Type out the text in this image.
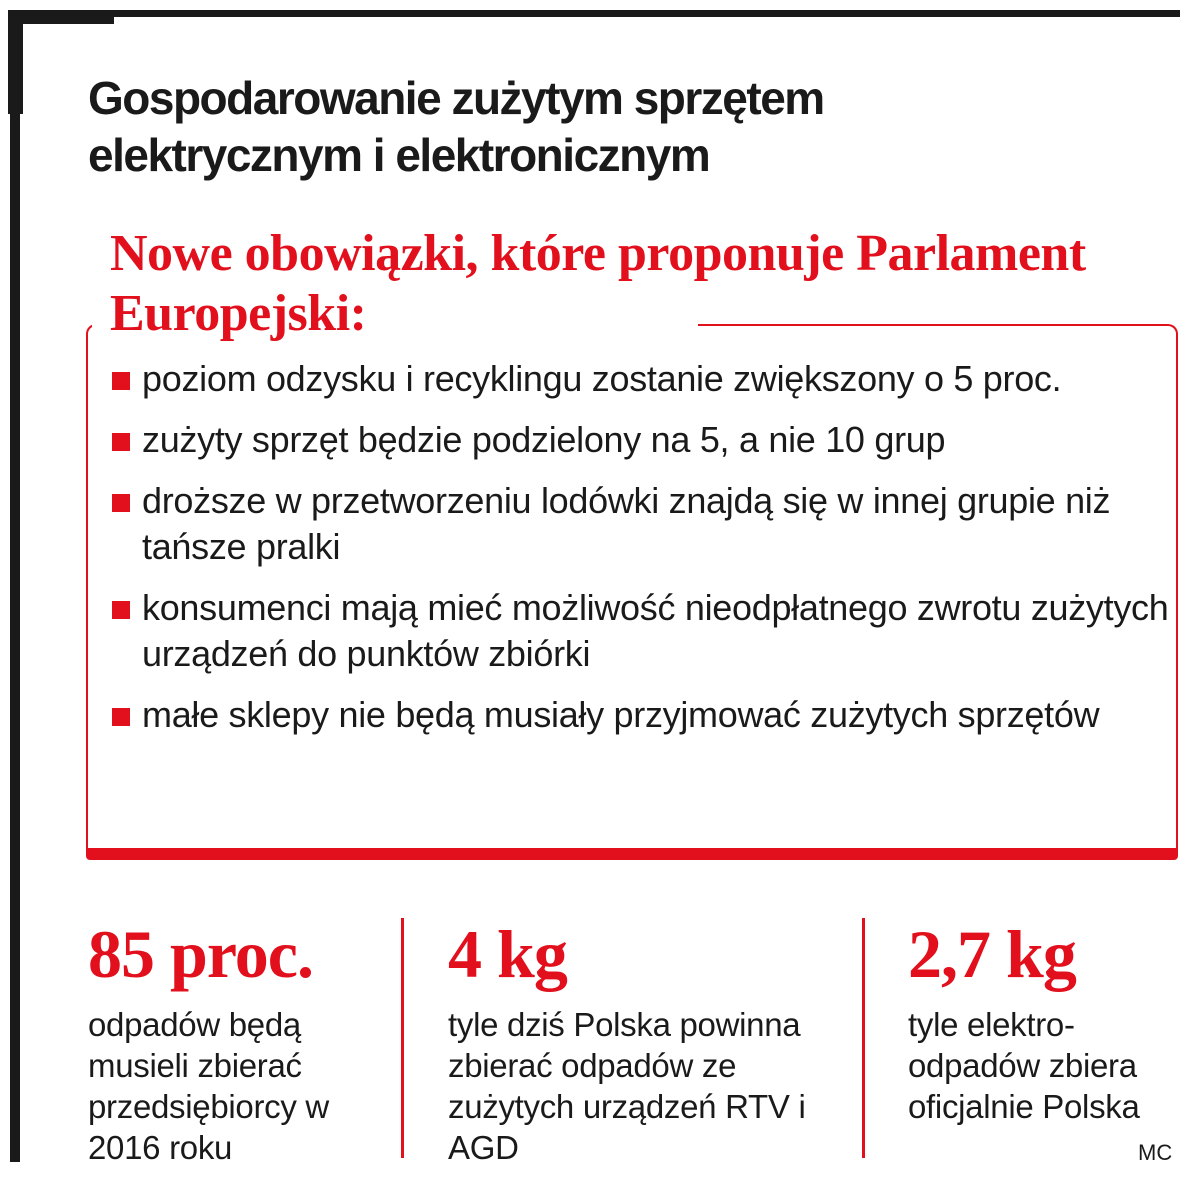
Gospodarowanie zużytym sprzętem elektrycznym i elektronicznym
Nowe obowiązki, które proponuje Parlament Europejski:
poziom odzysku i recyklingu zostanie zwiększony o 5 proc.
zużyty sprzęt będzie podzielony na 5, a nie 10 grup
droższe w przetworzeniu lodówki znajdą się w innej grupie niż tańsze pralki
konsumenci mają mieć możliwość nieodpłatnego zwrotu zużytych urządzeń do punktów zbiórki
małe sklepy nie będą musiały przyjmować zużytych sprzętów
85 proc.
odpadów będą musieli zbierać przedsiębiorcy w 2016 roku
4 kg
tyle dziś Polska powinna zbierać odpadów ze zużytych urządzeń RTV i AGD
2,7 kg
tyle elektro- odpadów zbiera oficjalnie Polska
MC
